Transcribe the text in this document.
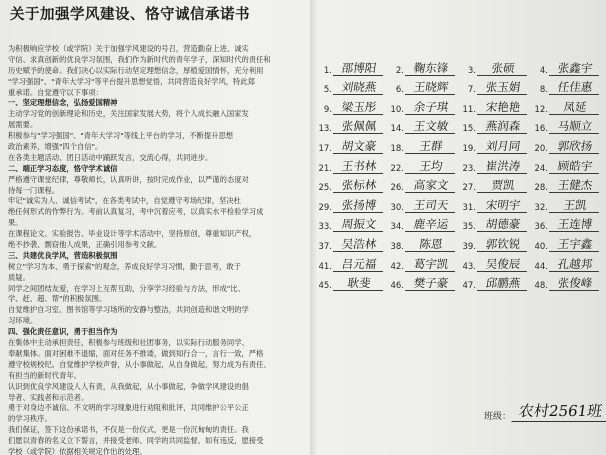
关于加强学风建设、恪守诚信承诺书
为积极响应学校（或学院）关于加强学风建设的号召，营造勤奋上进、诚实
守信、求真创新的优良学习氛围，我们作为新时代的青年学子，深知时代的责任和
历史赋予的使命。我们决心以实际行动坚定理想信念，厚植爱国情怀，充分利用
"学习强国"、"青年大学习"等平台提升思想觉悟，共同营造良好学风，特此郑
重承诺。自觉遵守以下事项：
一、坚定理想信念，弘扬爱国精神
主动学习党的创新理论和历史，关注国家发展大势，将个人成长融入国家发
展需要。
积极参与"学习强国"、"青年大学习"等线上平台的学习，不断提升思想
政治素养，增强"四个自信"。
在各类主题活动、团日活动中踊跃发言，交流心得，共同进步。
二、端正学习态度，恪守学术诚信
严格遵守课堂纪律，尊敬师长，认真听讲，按时完成作业，以严谨的态度对
待每一门课程。
牢记"诚实为人、诚信考试"，在各类考试中，自觉遵守考场纪律，坚决杜
绝任何形式的作弊行为。考前认真复习，考中沉着应考，以真实水平检验学习成
果。
在课程论文、实验报告、毕业设计等学术活动中，坚持原创，尊重知识产权，
绝不抄袭、剽窃他人成果，正确引用参考文献。
三、共建优良学风，营造积极氛围
树立"学习为本、勇于探索"的观念，养成良好学习习惯，勤于思考，敢于
质疑。
同学之间团结友爱，在学习上互帮互助，分享学习经验与方法，形成"比、
学、赶、超、帮"的积极氛围。
自觉维护自习室、图书馆等学习场所的安静与整洁，共同创造和谐文明的学
习环境。
四、强化责任意识，勇于担当作为
在集体中主动承担责任，积极参与班级和社团事务，以实际行动服务同学、
奉献集体。面对困难不退缩，面对任务不推诿，做到知行合一，言行一致，严格
遵守校规校纪。自觉维护学校声誉，从小事做起，从自身做起，努力成为有责任、
有担当的新时代青年。
认识到优良学风建设人人有责，从我做起，从小事做起，争做学风建设的倡
导者、实践者和示范者。
勇于对身边不诚信、不文明的学习现象进行劝阻和批评，共同维护公平公正
的学习秩序。
我们保证，签下这份承诺书，不仅是一份仪式，更是一份沉甸甸的责任。我
们愿以青春的名义立下誓言，并接受老师、同学的共同监督。如有违反，愿接受
学校（或学院）依据相关规定作出的处理。
1. 邵博阳	2. 鞠东锋	3.	张硕	4. 张鑫宇
5. 刘晓燕	6. 王晓辉	7. 张玉娟	8. 任佳惠
9. 梁玉彤	10. 余子琪	11. 宋艳艳	12.	凤延
13. 张佩佩	14. 王文敏	15. 燕润森	16. 马顺立
17. 胡文豪	18.	王群	19. 刘月同	20. 郭欣扬
21. 王书林	22.	王均	23. 崔洪涛	24. 顾皓宇
25. 张标林	26. 高家文	27.	贾凯	28. 王健杰
29. 张扬博	30. 王司天	31. 宋明宇	32.	王凯
33. 周振文	34. 鹿辛运	35. 胡德豪	36. 王连博
37. 吴浩林	38.	陈恩	39. 郭钦锐	40. 王宇鑫
41. 吕元福	42. 葛宇凯	43. 吴俊辰	44. 孔越邦
45.	耿斐	46. 樊子豪	47. 邱鹏燕	48. 张俊峰
班级： 农村2561班
